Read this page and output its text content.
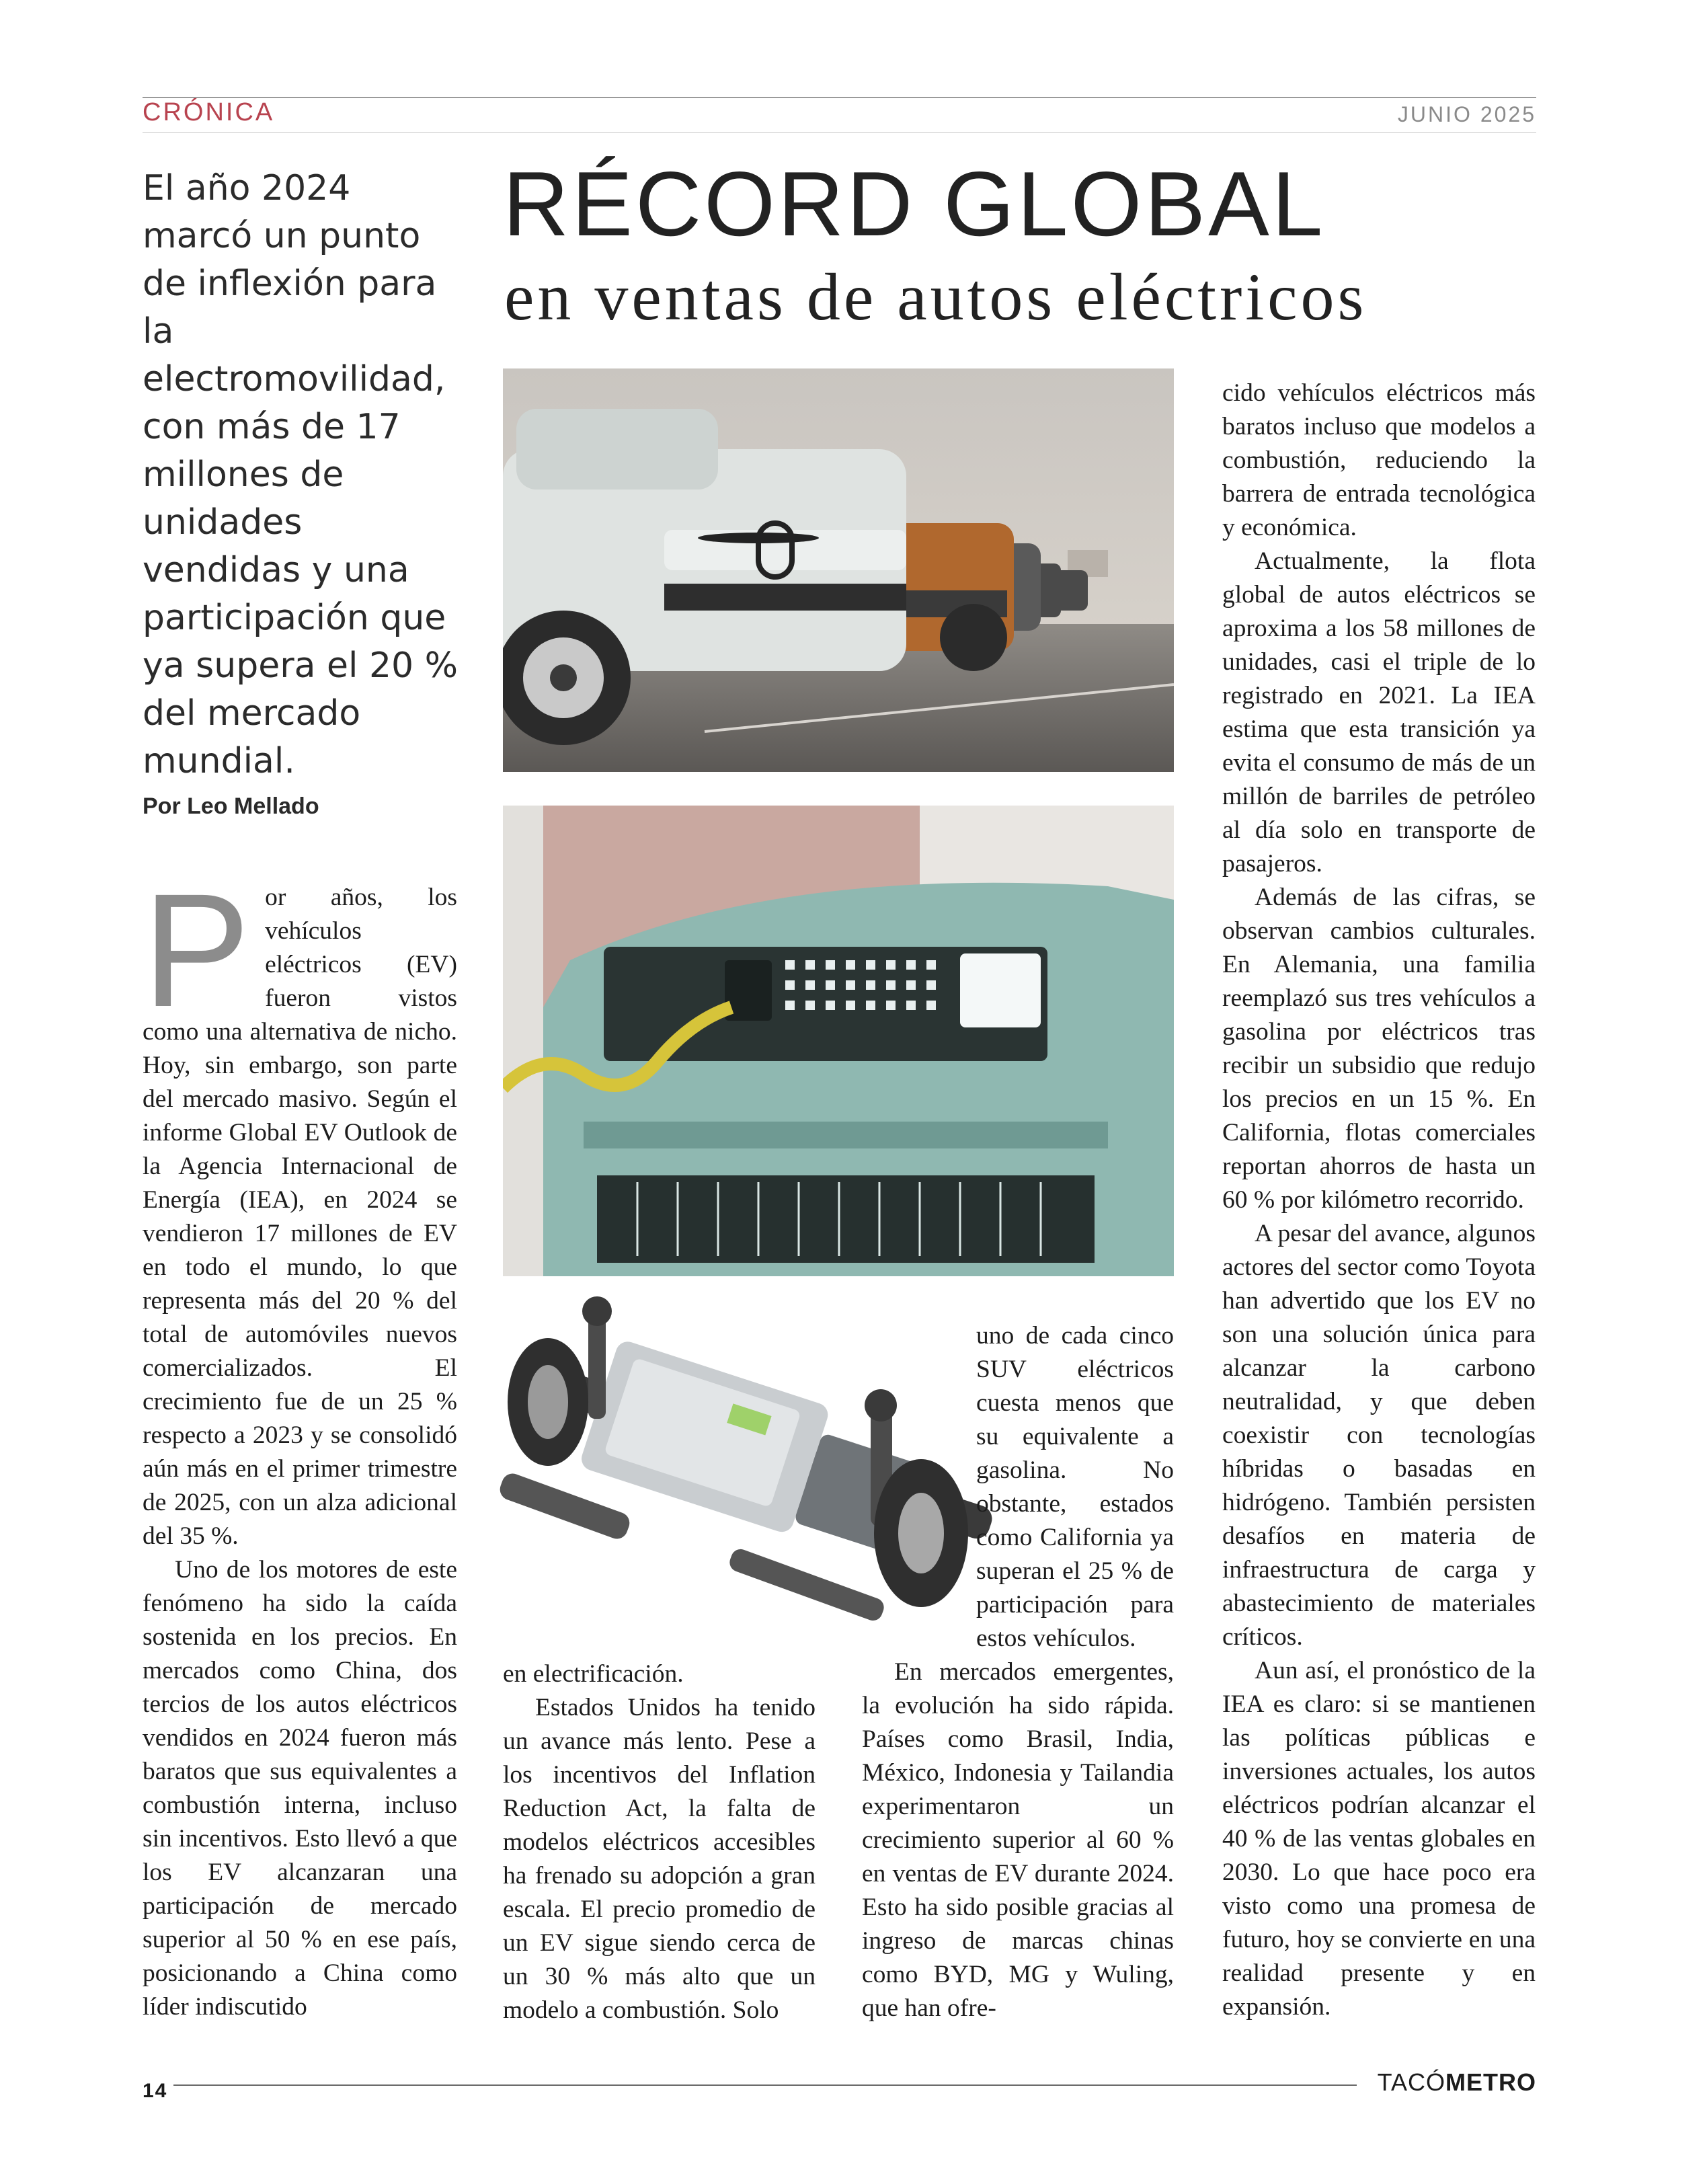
CRÓNICA	JUNIO 2025
RÉCORD GLOBAL
en ventas de autos eléctricos
El año 2024 marcó un punto de inflexión para la electromovilidad, con más de 17 millones de unidades vendidas y una participación que ya supera el 20 % del mercado mundial.
Por Leo Mellado

Por años, los vehículos eléctricos (EV) fueron vistos como una alternativa de nicho. Hoy, sin embargo, son parte del mercado masivo. Según el informe Global EV Outlook de la Agencia Internacional de Energía (IEA), en 2024 se vendieron 17 millones de EV en todo el mundo, lo que representa más del 20 % del total de automóviles nuevos comercializados. El crecimiento fue de un 25 % respecto a 2023 y se consolidó aún más en el primer trimestre de 2025, con un alza adicional del 35 %.

Uno de los motores de este fenómeno ha sido la caída sostenida en los precios. En mercados como China, dos tercios de los autos eléctricos vendidos en 2024 fueron más baratos que sus equivalentes a combustión interna, incluso sin incentivos. Esto llevó a que los EV alcanzaran una participación de mercado superior al 50 % en ese país, posicionando a China como líder indiscutido

en electrificación.

Estados Unidos ha tenido un avance más lento. Pese a los incentivos del Inflation Reduction Act, la falta de modelos eléctricos accesibles ha frenado su adopción a gran escala. El precio promedio de un EV sigue siendo cerca de un 30 % más alto que un modelo a combustión. Solo

uno de cada cinco SUV eléctricos cuesta menos que su equivalente a gasolina. No obstante, estados como California ya superan el 25 % de participación para estos vehículos.

En mercados emergentes, la evolución ha sido rápida. Países como Brasil, India, México, Indonesia y Tailandia experimentaron un crecimiento superior al 60 % en ventas de EV durante 2024. Esto ha sido posible gracias al ingreso de marcas chinas como BYD, MG y Wuling, que han ofre-

cido vehículos eléctricos más baratos incluso que modelos a combustión, reduciendo la barrera de entrada tecnológica y económica.

Actualmente, la flota global de autos eléctricos se aproxima a los 58 millones de unidades, casi el triple de lo registrado en 2021. La IEA estima que esta transición ya evita el consumo de más de un millón de barriles de petróleo al día solo en transporte de pasajeros.

Además de las cifras, se observan cambios culturales. En Alemania, una familia reemplazó sus tres vehículos a gasolina por eléctricos tras recibir un subsidio que redujo los precios en un 15 %. En California, flotas comerciales reportan ahorros de hasta un 60 % por kilómetro recorrido.

A pesar del avance, algunos actores del sector como Toyota han advertido que los EV no son una solución única para alcanzar la carbono neutralidad, y que deben coexistir con tecnologías híbridas o basadas en hidrógeno. También persisten desafíos en materia de infraestructura de carga y abastecimiento de materiales críticos.

Aun así, el pronóstico de la IEA es claro: si se mantienen las políticas públicas e inversiones actuales, los autos eléctricos podrían alcanzar el 40 % de las ventas globales en 2030. Lo que hace poco era visto como una promesa de futuro, hoy se convierte en una realidad presente y en expansión.

14	TACÓMETRO
